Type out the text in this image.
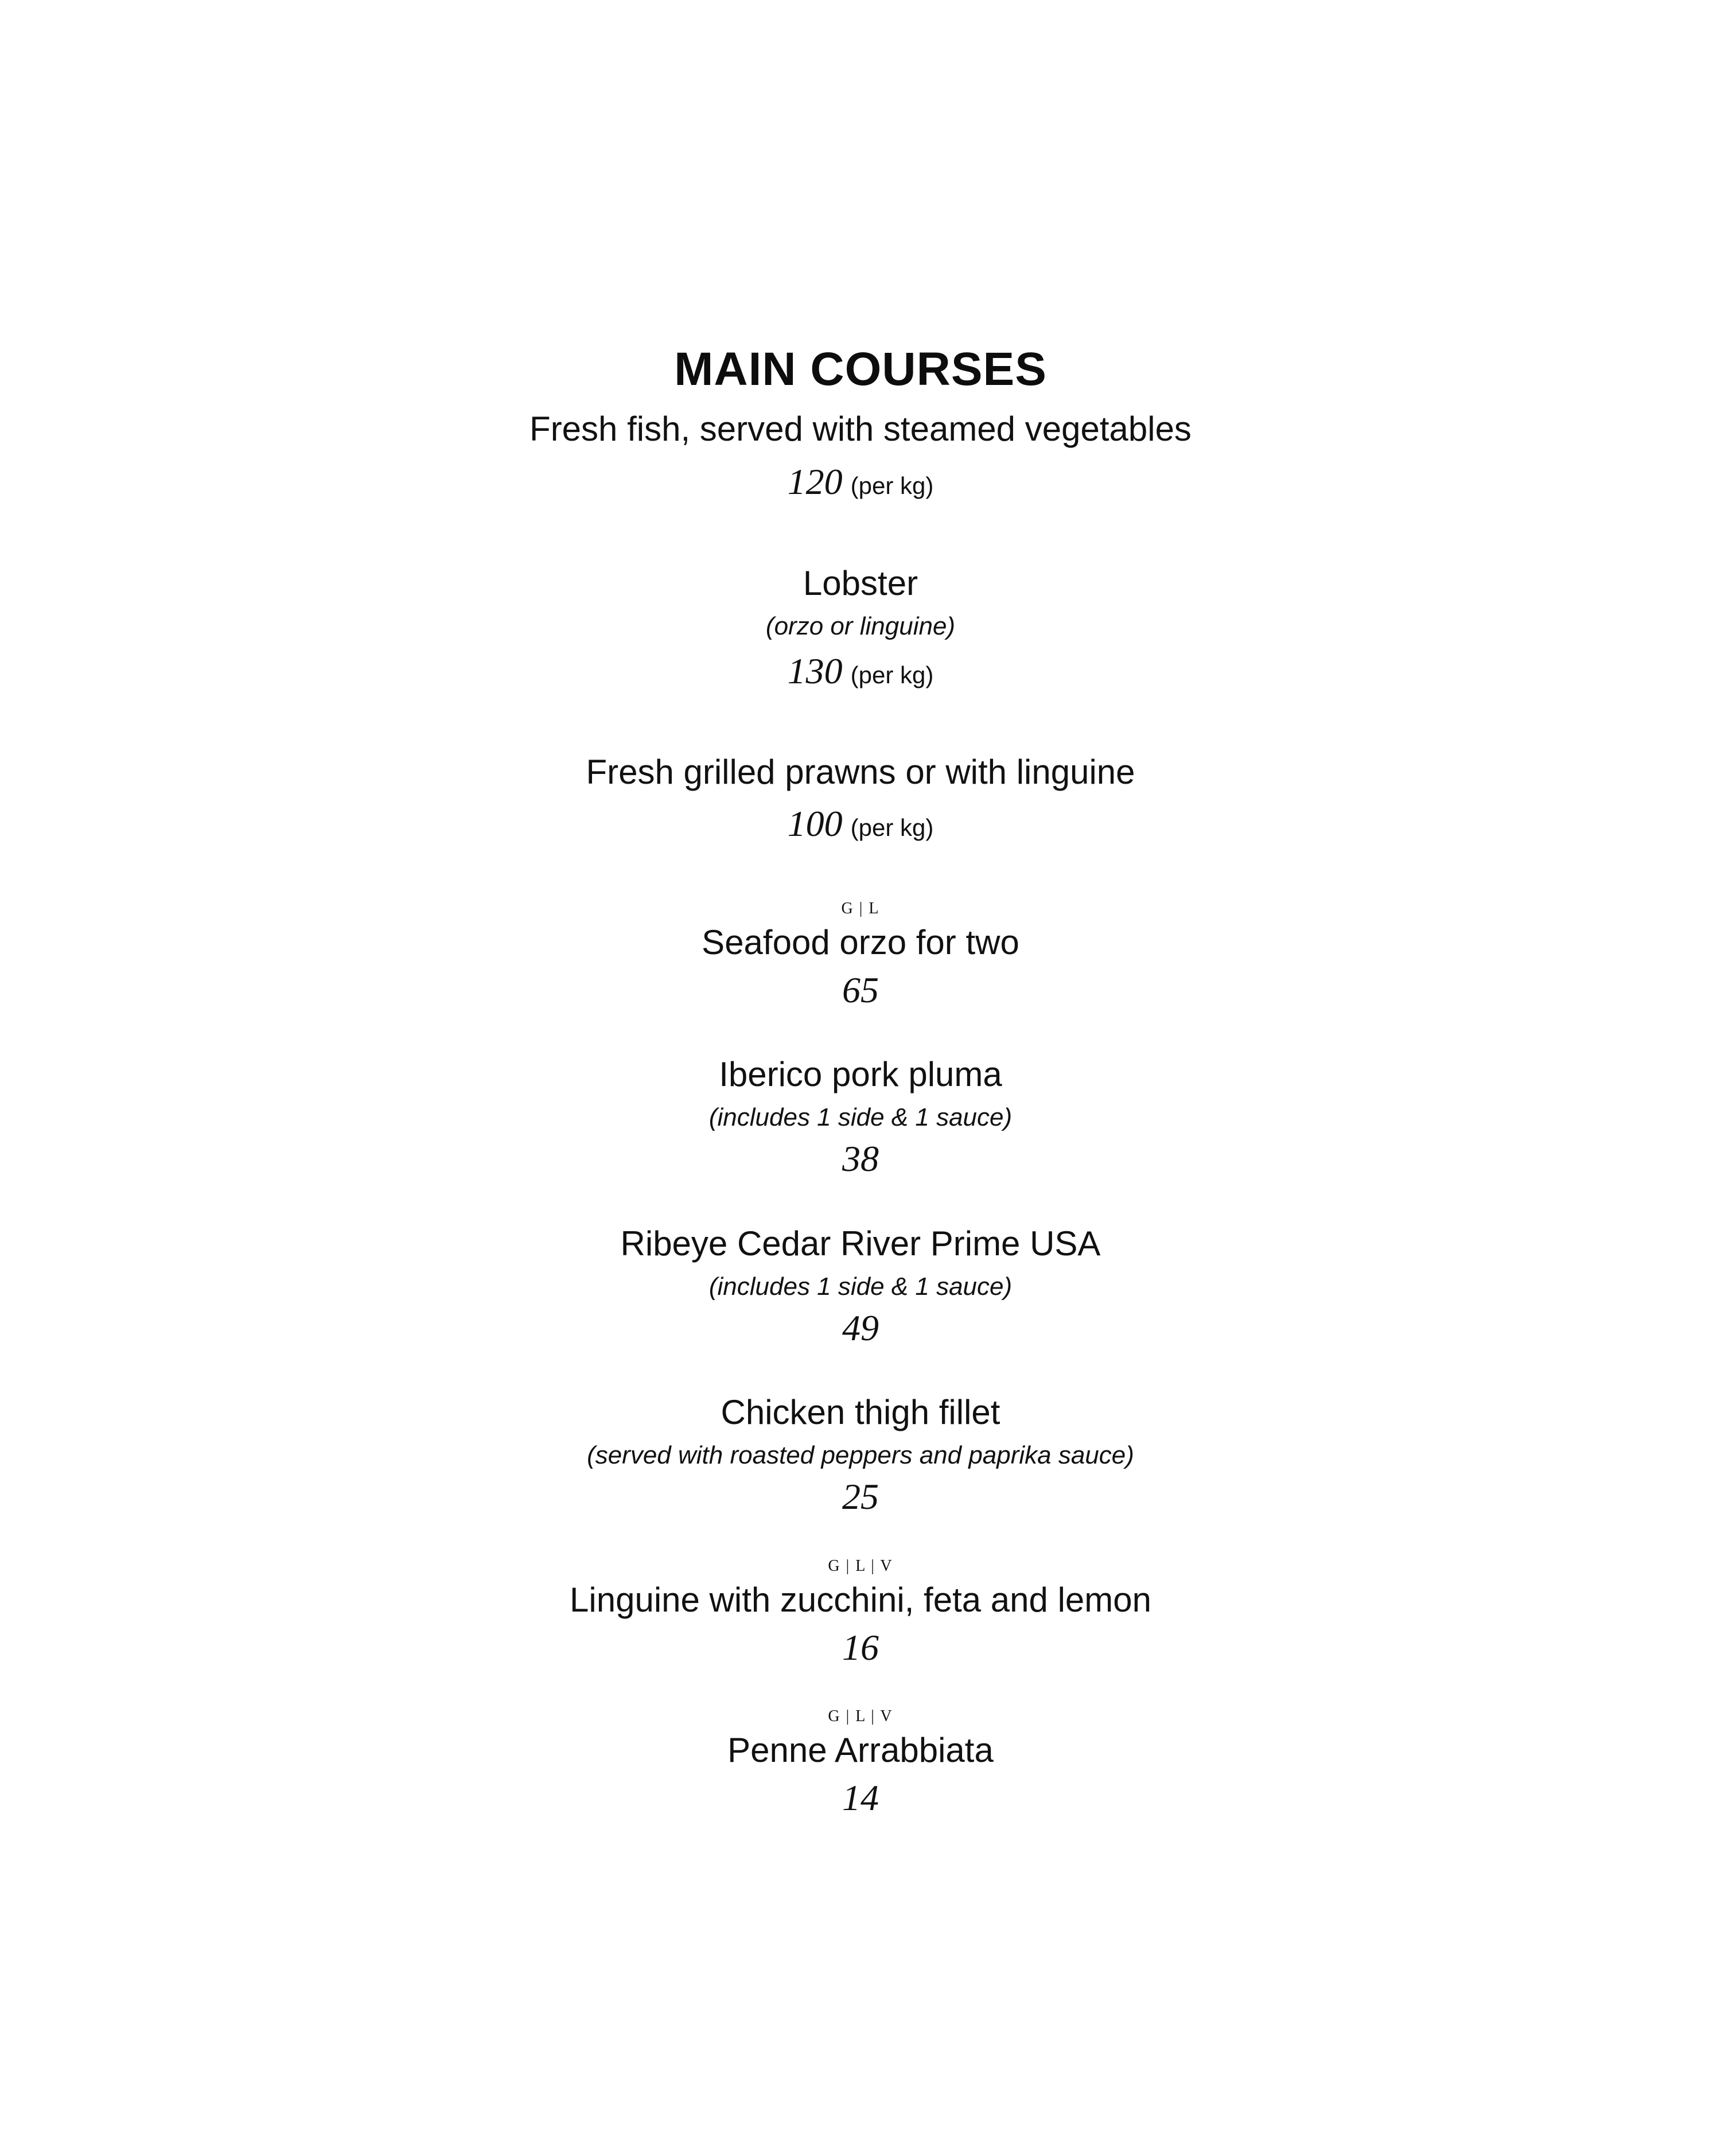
MAIN COURSES
Fresh fish, served with steamed vegetables
120 (per kg)
Lobster
(orzo or linguine)
130 (per kg)
Fresh grilled prawns or with linguine
100 (per kg)
G | L
Seafood orzo for two
65
Iberico pork pluma
(includes 1 side & 1 sauce)
38
Ribeye Cedar River Prime USA
(includes 1 side & 1 sauce)
49
Chicken thigh fillet
(served with roasted peppers and paprika sauce)
25
G | L | V
Linguine with zucchini, feta and lemon
16
G | L | V
Penne Arrabbiata
14
